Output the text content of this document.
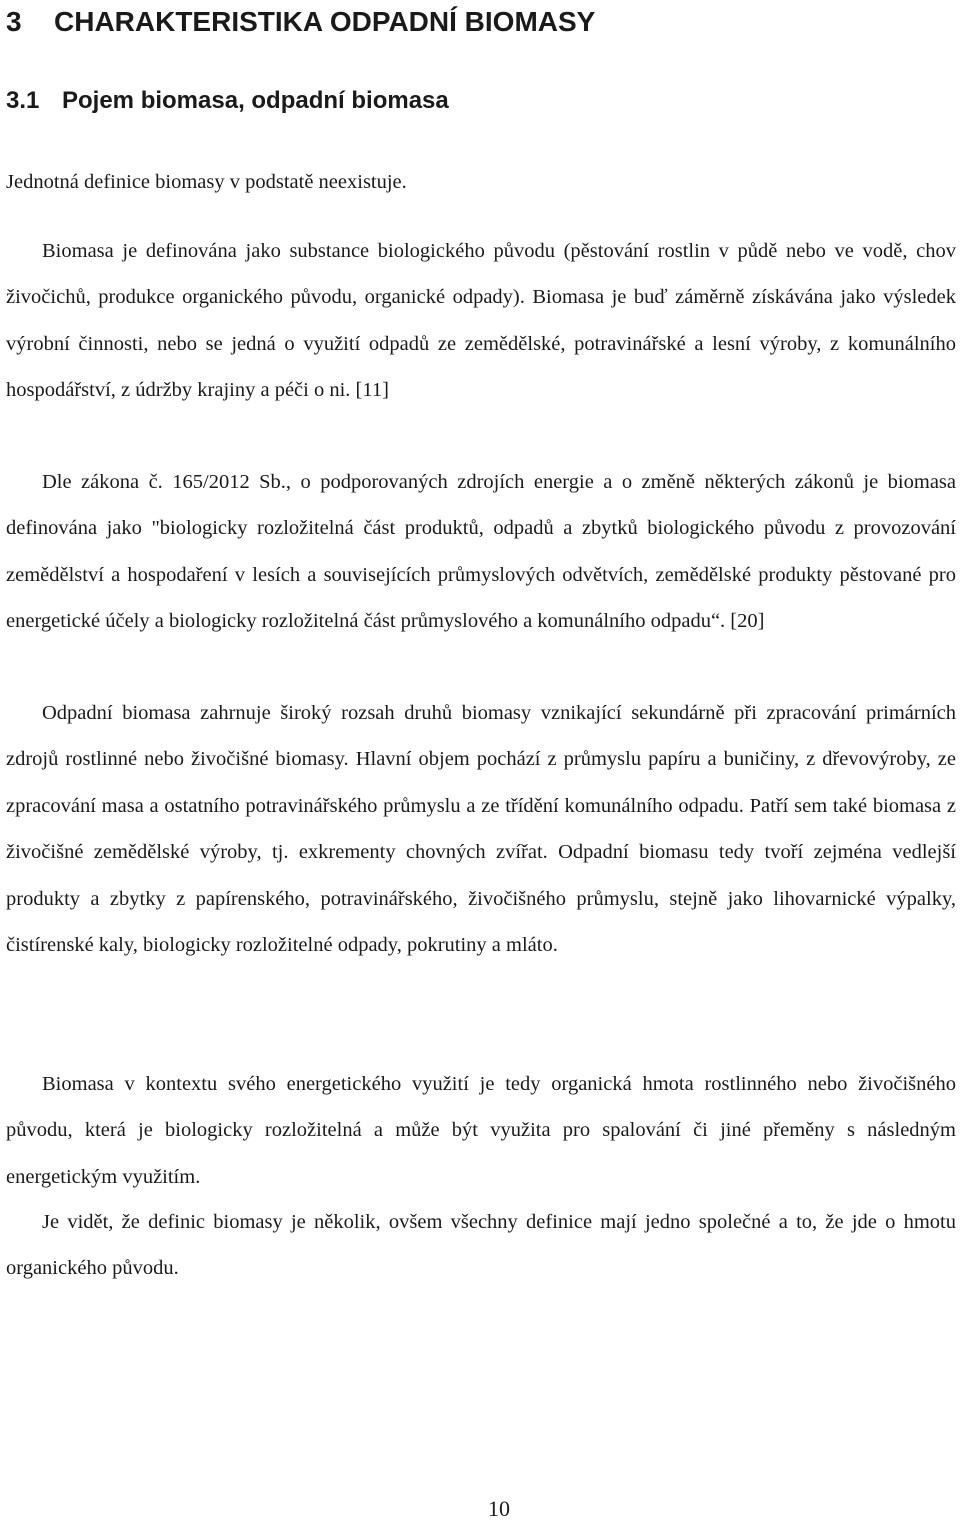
3 CHARAKTERISTIKA ODPADNÍ BIOMASY
3.1 Pojem biomasa, odpadní biomasa

Jednotná definice biomasy v podstatě neexistuje.

Biomasa je definována jako substance biologického původu (pěstování rostlin v půdě nebo ve vodě, chov živočichů, produkce organického původu, organické odpady). Biomasa je buď záměrně získávána jako výsledek výrobní činnosti, nebo se jedná o využití odpadů ze zemědělské, potravinářské a lesní výroby, z komunálního hospodářství, z údržby krajiny a péči o ni. [11]

Dle zákona č. 165/2012 Sb., o podporovaných zdrojích energie a o změně některých zákonů je biomasa definována jako "biologicky rozložitelná část produktů, odpadů a zbytků biologického původu z provozování zemědělství a hospodaření v lesích a souvisejících průmyslových odvětvích, zemědělské produkty pěstované pro energetické účely a biologicky rozložitelná část průmyslového a komunálního odpadu“. [20]

Odpadní biomasa zahrnuje široký rozsah druhů biomasy vznikající sekundárně při zpracování primárních zdrojů rostlinné nebo živočišné biomasy. Hlavní objem pochází z průmyslu papíru a buničiny, z dřevovýroby, ze zpracování masa a ostatního potravinářského průmyslu a ze třídění komunálního odpadu. Patří sem také biomasa z živočišné zemědělské výroby, tj. exkrementy chovných zvířat. Odpadní biomasu tedy tvoří zejména vedlejší produkty a zbytky z papírenského, potravinářského, živočišného průmyslu, stejně jako lihovarnické výpalky, čistírenské kaly, biologicky rozložitelné odpady, pokrutiny a mláto.

Biomasa v kontextu svého energetického využití je tedy organická hmota rostlinného nebo živočišného původu, která je biologicky rozložitelná a může být využita pro spalování či jiné přeměny s následným energetickým využitím.

Je vidět, že definic biomasy je několik, ovšem všechny definice mají jedno společné a to, že jde o hmotu organického původu.

10
